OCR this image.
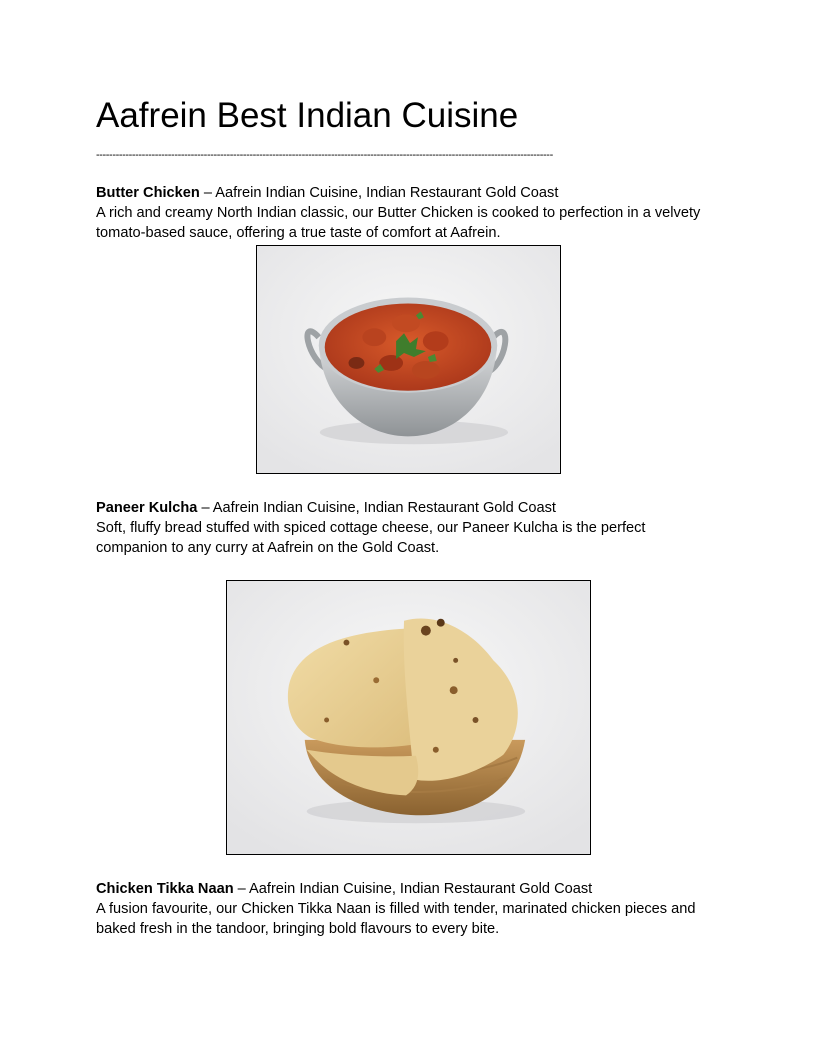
Aafrein Best Indian Cuisine
--------------------------------------------------------------------------------------------------------------------------------------------
Butter Chicken – Aafrein Indian Cuisine, Indian Restaurant Gold Coast
A rich and creamy North Indian classic, our Butter Chicken is cooked to perfection in a velvety tomato-based sauce, offering a true taste of comfort at Aafrein.
Paneer Kulcha – Aafrein Indian Cuisine, Indian Restaurant Gold Coast
Soft, fluffy bread stuffed with spiced cottage cheese, our Paneer Kulcha is the perfect companion to any curry at Aafrein on the Gold Coast.
Chicken Tikka Naan – Aafrein Indian Cuisine, Indian Restaurant Gold Coast
A fusion favourite, our Chicken Tikka Naan is filled with tender, marinated chicken pieces and baked fresh in the tandoor, bringing bold flavours to every bite.
